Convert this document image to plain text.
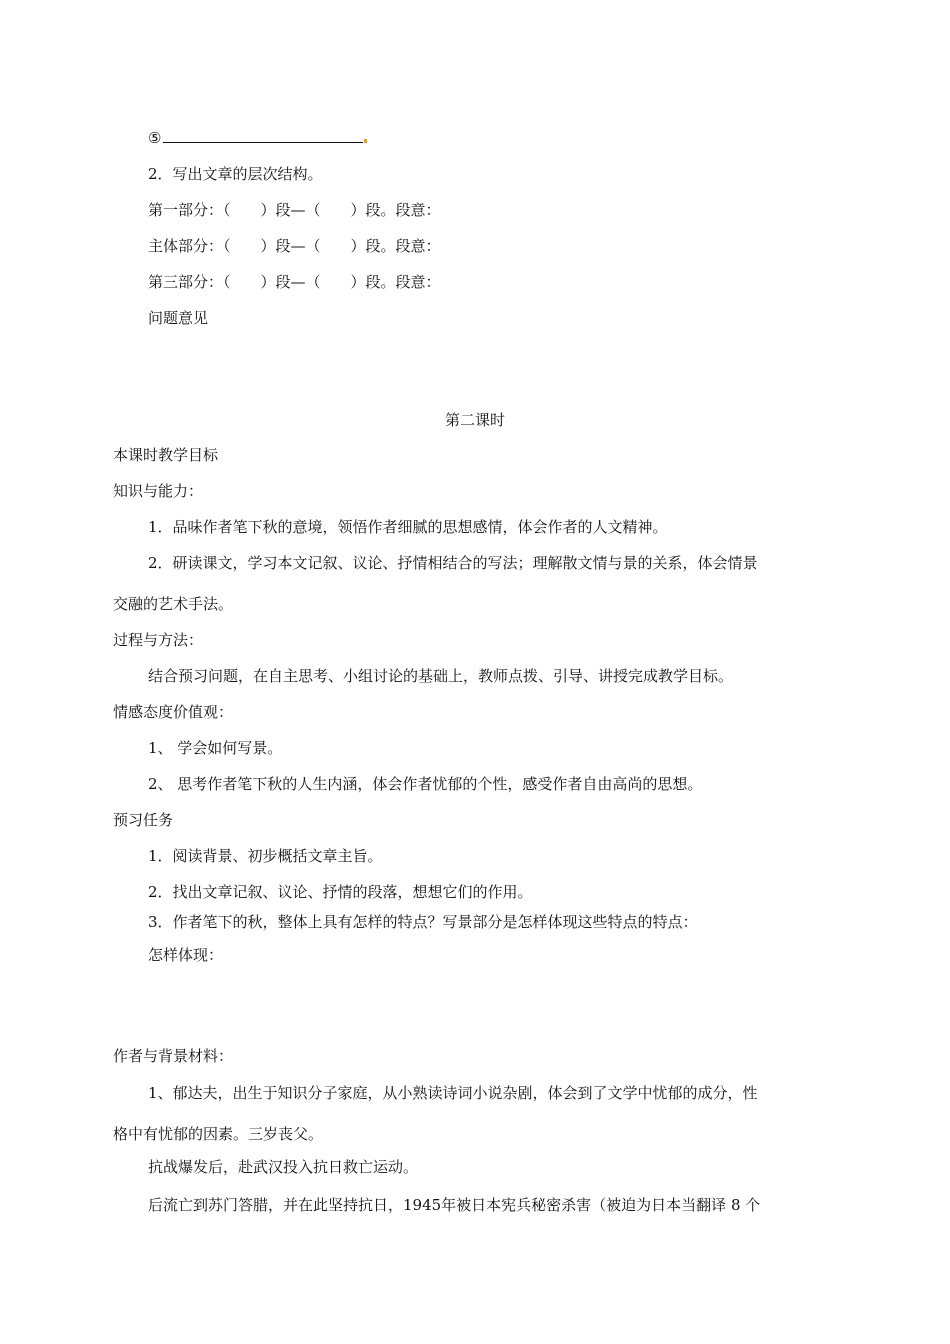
⑤
2．写出文章的层次结构。
第一部分：（　　）段—（　　）段。段意：
主体部分：（　　）段—（　　）段。段意：
第三部分：（　　）段—（　　）段。段意：
问题意见
第二课时
本课时教学目标
知识与能力：
1．品味作者笔下秋的意境，领悟作者细腻的思想感情，体会作者的人文精神。
2．研读课文，学习本文记叙、议论、抒情相结合的写法；理解散文情与景的关系，体会情景
交融的艺术手法。
过程与方法：
结合预习问题，在自主思考、小组讨论的基础上，教师点拨、引导、讲授完成教学目标。
情感态度价值观：
1、 学会如何写景。
2、 思考作者笔下秋的人生内涵，体会作者忧郁的个性，感受作者自由高尚的思想。
预习任务
1．阅读背景、初步概括文章主旨。
2．找出文章记叙、议论、抒情的段落，想想它们的作用。
3．作者笔下的秋，整体上具有怎样的特点？写景部分是怎样体现这些特点的特点：
怎样体现：
作者与背景材料：
1、郁达夫，出生于知识分子家庭，从小熟读诗词小说杂剧，体会到了文学中忧郁的成分，性
格中有忧郁的因素。三岁丧父。
抗战爆发后，赴武汉投入抗日救亡运动。
后流亡到苏门答腊，并在此坚持抗日，1945年被日本宪兵秘密杀害（被迫为日本当翻译 8 个
